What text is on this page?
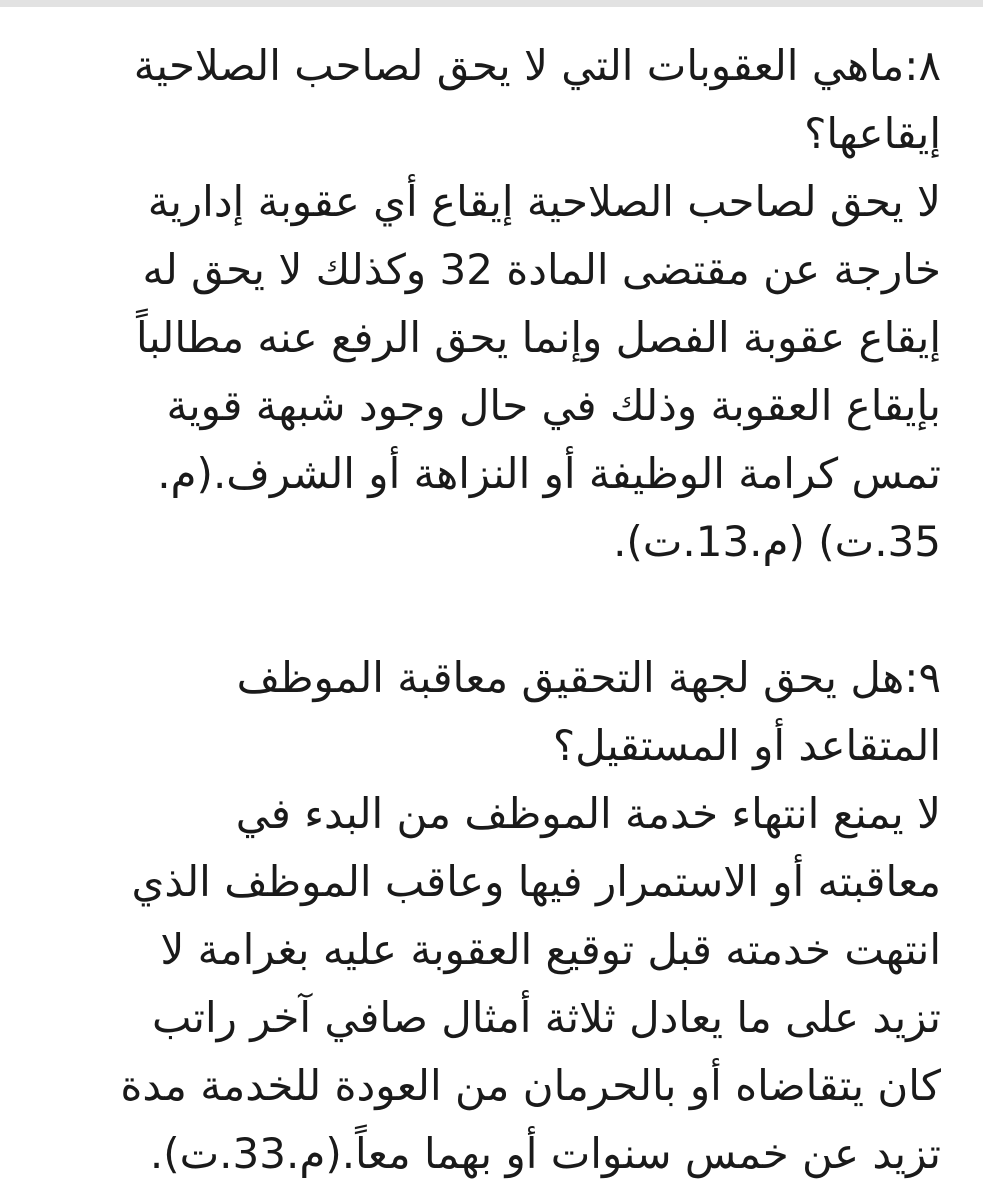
٨:ماهي العقوبات التي لا يحق لصاحب الصلاحية
إيقاعها؟
لا يحق لصاحب الصلاحية إيقاع أي عقوبة إدارية
خارجة عن مقتضى المادة 32 وكذلك لا يحق له
إيقاع عقوبة الفصل وإنما يحق الرفع عنه مطالباً
بإيقاع العقوبة وذلك في حال وجود شبهة قوية
تمس كرامة الوظيفة أو النزاهة أو الشرف.(م.
35.ت) (م.13.ت).
٩:هل يحق لجهة التحقيق معاقبة الموظف
المتقاعد أو المستقيل؟
لا يمنع انتهاء خدمة الموظف من البدء في
معاقبته أو الاستمرار فيها وعاقب الموظف الذي
انتهت خدمته قبل توقيع العقوبة عليه بغرامة لا
تزيد على ما يعادل ثلاثة أمثال صافي آخر راتب
كان يتقاضاه أو بالحرمان من العودة للخدمة مدة
تزيد عن خمس سنوات أو بهما معاً.(م.33.ت).
